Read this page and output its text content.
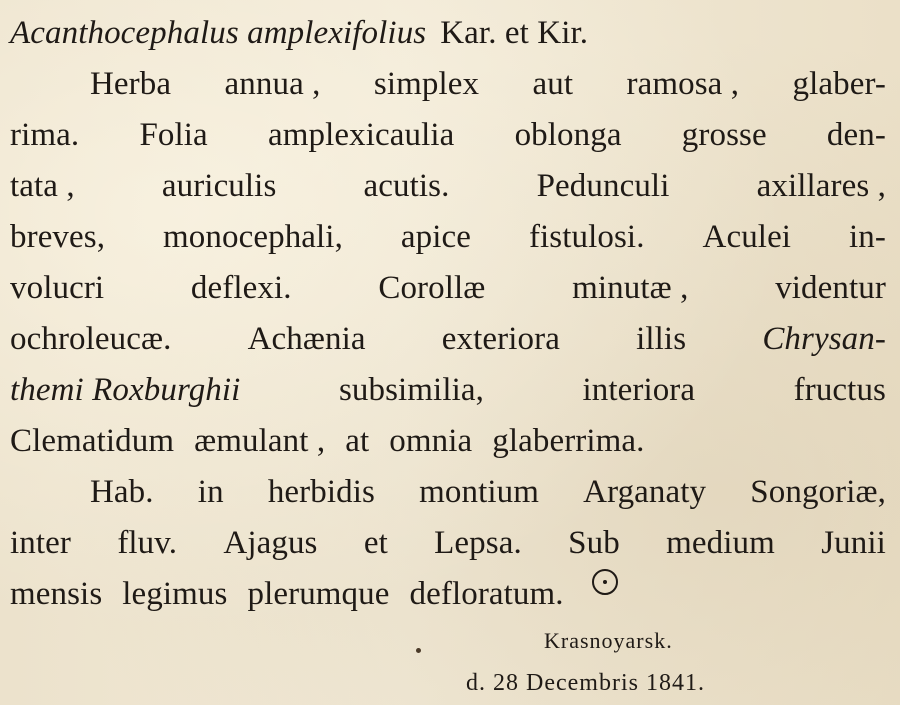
Acanthocephalus amplexifolius Kar. et Kir.
Herba annua , simplex aut ramosa , glaber-
rima. Folia amplexicaulia oblonga grosse den-
tata ,	auriculis	acutis.	Pedunculi	axillares ,
breves, monocephali, apice fistulosi. Aculei in-
volucri	deflexi.	Corollæ	minutæ ,	videntur
ochroleucæ. Achænia exteriora illis Chrysan-
themi Roxburghii	subsimilia,	interiora	fructus
Clematidum æmulant , at omnia glaberrima.
Hab. in herbidis montium Arganaty Songoriæ,
inter fluv. Ajagus et Lepsa. Sub medium Junii
mensis legimus plerumque defloratum.
Krasnoyarsk.
d. 28 Decembris 1841.
